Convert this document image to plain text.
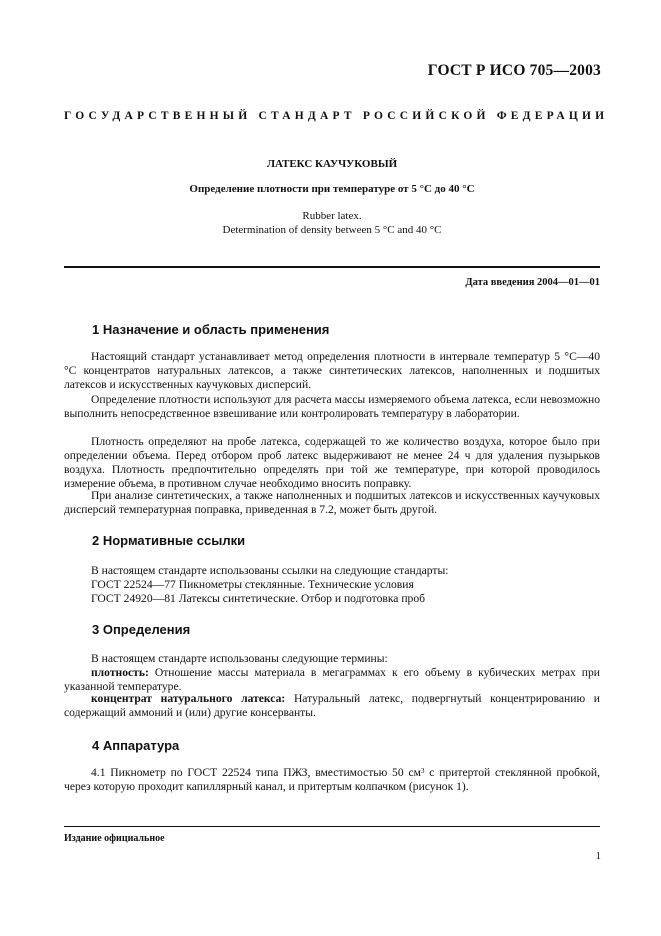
ГОСТ Р ИСО 705—2003
ГОСУДАРСТВЕННЫЙ СТАНДАРТ РОССИЙСКОЙ ФЕДЕРАЦИИ
ЛАТЕКС КАУЧУКОВЫЙ
Определение плотности при температуре от 5 °С до 40 °С
Rubber latex.
Determination of density between 5 °C and 40 °C
Дата введения 2004—01—01
1 Назначение и область применения

Настоящий стандарт устанавливает метод определения плотности в интервале температур 5 °С—40 °С концентратов натуральных латексов, а также синтетических латексов, наполненных и подшитых латексов и искусственных каучуковых дисперсий.

Определение плотности используют для расчета массы измеряемого объема латекса, если невозможно выполнить непосредственное взвешивание или контролировать температуру в лаборатории.

Плотность определяют на пробе латекса, содержащей то же количество воздуха, которое было при определении объема. Перед отбором проб латекс выдерживают не менее 24 ч для удаления пузырьков воздуха. Плотность предпочтительно определять при той же температуре, при которой проводилось измерение объема, в противном случае необходимо вносить поправку.

При анализе синтетических, а также наполненных и подшитых латексов и искусственных каучуковых дисперсий температурная поправка, приведенная в 7.2, может быть другой.

2 Нормативные ссылки

В настоящем стандарте использованы ссылки на следующие стандарты:

ГОСТ 22524—77 Пикнометры стеклянные. Технические условия

ГОСТ 24920—81 Латексы синтетические. Отбор и подготовка проб

3 Определения

В настоящем стандарте использованы следующие термины:

плотность: Отношение массы материала в мегаграммах к его объему в кубических метрах при указанной температуре.

концентрат натурального латекса: Натуральный латекс, подвергнутый концентрированию и содержащий аммоний и (или) другие консерванты.

4 Аппаратура

4.1 Пикнометр по ГОСТ 22524 типа ПЖЗ, вместимостью 50 $см^3$ с притертой стеклянной пробкой, через которую проходит капиллярный канал, и притертым колпачком (рисунок 1).

Издание официальное
1
